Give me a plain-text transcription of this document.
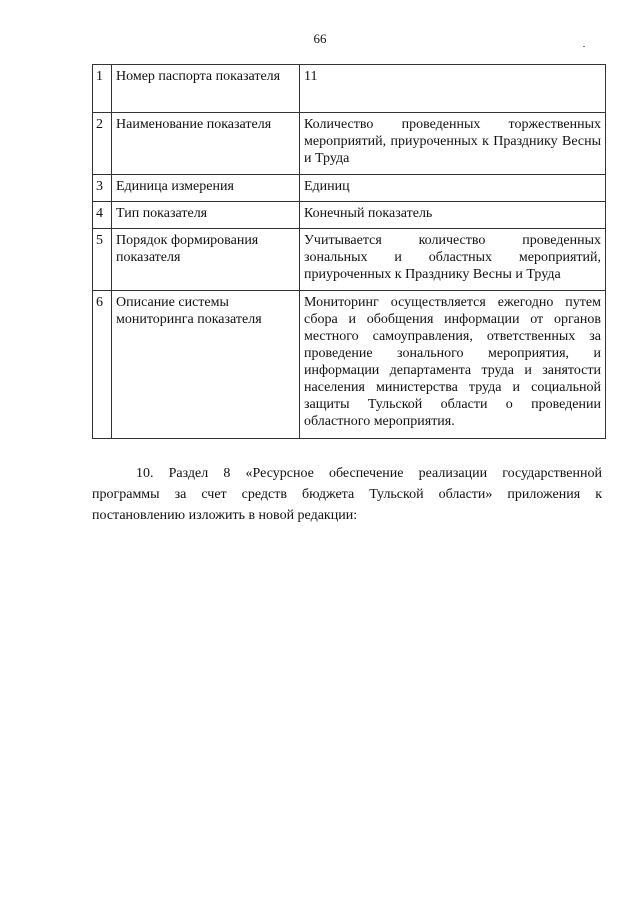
66
1	Номер паспорта показателя	11

2	Наименование показателя	Количество проведенных торжественных мероприятий, приуроченных к Празднику Весны и Труда

3	Единица измерения	Единиц

4	Тип показателя	Конечный показатель

5	Порядок формирования показателя	Учитывается количество проведенных зональных и областных мероприятий, приуроченных к Празднику Весны и Труда

6	Описание системы мониторинга показателя	Мониторинг осуществляется ежегодно путем сбора и обобщения информации от органов местного самоуправления, ответственных за проведение зонального мероприятия, и информации департамента труда и занятости населения министерства труда и социальной защиты Тульской области о проведении областного мероприятия.
10. Раздел 8 «Ресурсное обеспечение реализации государственной программы за счет средств бюджета Тульской области» приложения к постановлению изложить в новой редакции:
